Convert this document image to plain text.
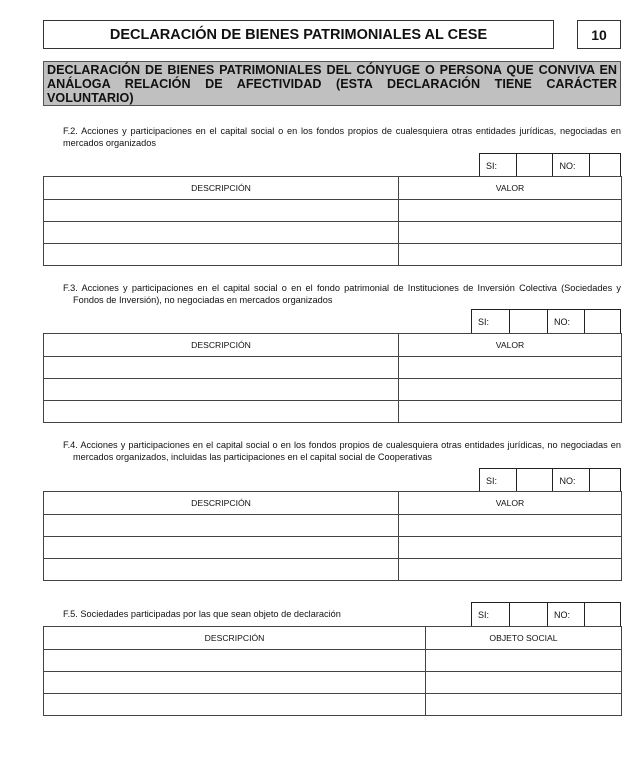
DECLARACIÓN DE BIENES PATRIMONIALES AL CESE	10
DECLARACIÓN DE BIENES PATRIMONIALES DEL CÓNYUGE O PERSONA QUE CONVIVA EN ANÁLOGA RELACIÓN DE AFECTIVIDAD (ESTA DECLARACIÓN TIENE CARÁCTER VOLUNTARIO)
F.2. Acciones y participaciones en el capital social o en los fondos propios de cualesquiera otras entidades jurídicas, negociadas en mercados organizados
SI:	NO:
DESCRIPCIÓN	VALOR

F.3. Acciones y participaciones en el capital social o en el fondo patrimonial de Instituciones de Inversión Colectiva (Sociedades y Fondos de Inversión), no negociadas en mercados organizados
SI:	NO:
DESCRIPCIÓN	VALOR

F.4. Acciones y participaciones en el capital social o en los fondos propios de cualesquiera otras entidades jurídicas, no negociadas en mercados organizados, incluidas las participaciones en el capital social de Cooperativas
SI:	NO:
DESCRIPCIÓN	VALOR

F.5. Sociedades participadas por las que sean objeto de declaración	SI:	NO:
DESCRIPCIÓN	OBJETO SOCIAL
